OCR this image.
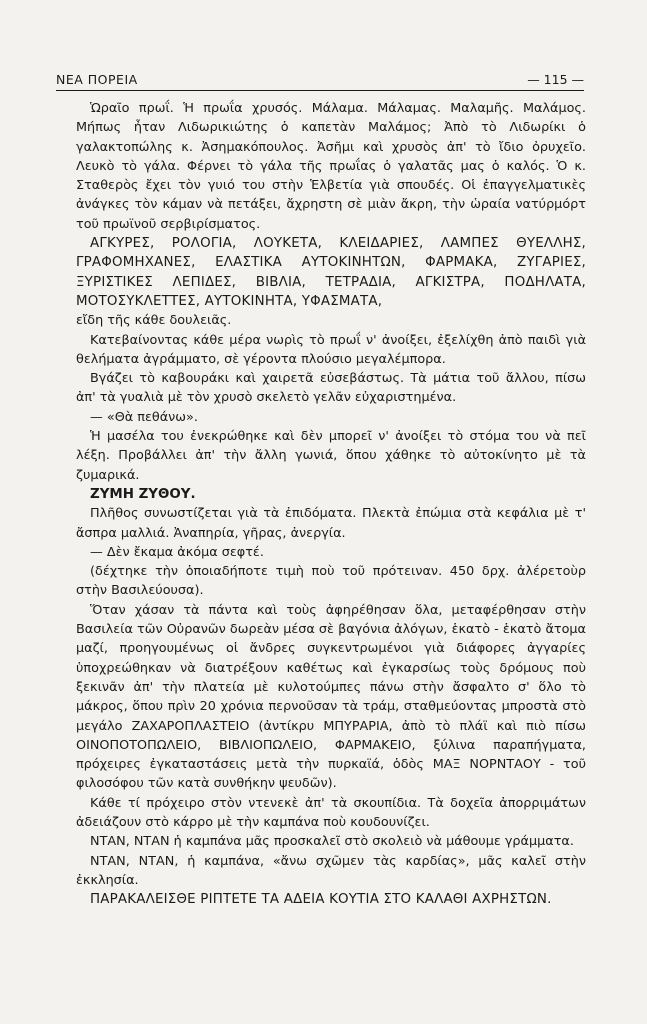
ΝΕΑ ΠΟΡΕΙΑ	— 115 —

Ὡραῖο πρωΐ. Ἡ πρωΐα χρυσός. Μάλαμα. Μάλαμας. Μαλαμῆς. Μαλάμος. Μήπως ἦταν Λιδωρικιώτης ὁ καπετὰν Μαλάμος; Ἀπὸ τὸ Λιδωρίκι ὁ γαλακτοπώλης κ. Ἀσημακόπουλος. Ἀσῆμι καὶ χρυσὸς ἀπ' τὸ ἴδιο ὀρυχεῖο. Λευκὸ τὸ γάλα. Φέρνει τὸ γάλα τῆς πρωΐας ὁ γαλατᾶς μας ὁ καλός. Ὁ κ. Σταθερὸς ἔχει τὸν γυιό του στὴν Ἑλβετία γιὰ σπουδές. Οἱ ἐπαγγελματικὲς ἀνάγκες τὸν κάμαν νὰ πετάξει, ἄχρηστη σὲ μιὰν ἄκρη, τὴν ὡραία νατύρμόρτ τοῦ πρωϊνοῦ σερβιρίσματος.

ΑΓΚΥΡΕΣ, ΡΟΛΟΓΙΑ, ΛΟΥΚΕΤΑ, ΚΛΕΙΔΑΡΙΕΣ, ΛΑΜΠΕΣ ΘΥΕΛΛΗΣ, ΓΡΑΦΟΜΗΧΑΝΕΣ, ΕΛΑΣΤΙΚΑ ΑΥΤΟΚΙΝΗΤΩΝ, ΦΑΡΜΑΚΑ, ΖΥΓΑΡΙΕΣ, ΞΥΡΙΣΤΙΚΕΣ ΛΕΠΙΔΕΣ, ΒΙΒΛΙΑ, ΤΕΤΡΑΔΙΑ, ΑΓΚΙΣΤΡΑ, ΠΟΔΗΛΑΤΑ, ΜΟΤΟΣΥΚΛΕΤΤΕΣ, ΑΥΤΟΚΙΝΗΤΑ, ΥΦΑΣΜΑΤΑ,

εἴδη τῆς κάθε δουλειᾶς.

Κατεβαίνοντας κάθε μέρα νωρὶς τὸ πρωΐ ν' ἀνοίξει, ἐξελίχθη ἀπὸ παιδὶ γιὰ θελήματα ἀγράμματο, σὲ γέροντα πλούσιο μεγαλέμπορα.

Βγάζει τὸ καβουράκι καὶ χαιρετᾶ εὐσεβάστως. Τὰ μάτια τοῦ ἄλλου, πίσω ἀπ' τὰ γυαλιὰ μὲ τὸν χρυσὸ σκελετὸ γελᾶν εὐχαριστημένα.

— «Θὰ πεθάνω».

Ἡ μασέλα του ἐνεκρώθηκε καὶ δὲν μπορεῖ ν' ἀνοίξει τὸ στόμα του νὰ πεῖ λέξη. Προβάλλει ἀπ' τὴν ἄλλη γωνιά, ὅπου χάθηκε τὸ αὐτοκίνητο μὲ τὰ ζυμαρικά.

ΖΥΜΗ ΖΥΘΟΥ.

Πλῆθος συνωστίζεται γιὰ τὰ ἐπιδόματα. Πλεκτὰ ἐπώμια στὰ κεφάλια μὲ τ' ἄσπρα μαλλιά. Ἀναπηρία, γῆρας, ἀνεργία.

— Δὲν ἔκαμα ἀκόμα σεφτέ.

(δέχτηκε τὴν ὁποιαδήποτε τιμὴ ποὺ τοῦ πρότειναν. 450 δρχ. ἀλέρετοὺρ στὴν Βασιλεύουσα).

Ὅταν χάσαν τὰ πάντα καὶ τοὺς ἀφηρέθησαν ὅλα, μεταφέρθησαν στὴν Βασιλεία τῶν Οὐρανῶν δωρεὰν μέσα σὲ βαγόνια ἀλόγων, ἑκατὸ - ἑκατὸ ἄτομα μαζί, προηγουμένως οἱ ἄνδρες συγκεντρωμένοι γιὰ διάφορες ἀγγαρίες ὑποχρεώθηκαν νὰ διατρέξουν καθέτως καὶ ἐγκαρσίως τοὺς δρόμους ποὺ ξεκινᾶν ἀπ' τὴν πλατεία μὲ κυλοτούμπες πάνω στὴν ἄσφαλτο σ' ὅλο τὸ μάκρος, ὅπου πρὶν 20 χρόνια περνοῦσαν τὰ τράμ, σταθμεύοντας μπροστὰ στὸ μεγάλο ΖΑΧΑΡΟΠΛΑΣΤΕΙΟ (ἀντίκρυ ΜΠΥΡΑΡΙΑ, ἀπὸ τὸ πλάϊ καὶ πιὸ πίσω ΟΙΝΟΠΟΤΟΠΩΛΕΙΟ, ΒΙΒΛΙΟΠΩΛΕΙΟ, ΦΑΡΜΑΚΕΙΟ, ξύλινα παραπήγματα, πρόχειρες ἐγκαταστάσεις μετὰ τὴν πυρκαϊά, ὁδὸς ΜΑΞ ΝΟΡΝΤΑΟΥ - τοῦ φιλοσόφου τῶν κατὰ συνθήκην ψευδῶν).

Κάθε τί πρόχειρο στὸν ντενεκὲ ἀπ' τὰ σκουπίδια. Τὰ δοχεῖα ἀπορριμάτων ἀδειάζουν στὸ κάρρο μὲ τὴν καμπάνα ποὺ κουδουνίζει.

ΝΤΑΝ, ΝΤΑΝ ἡ καμπάνα μᾶς προσκαλεῖ στὸ σκολειὸ νὰ μάθουμε γράμματα.

ΝΤΑΝ, ΝΤΑΝ, ἡ καμπάνα, «ἄνω σχῶμεν τὰς καρδίας», μᾶς καλεῖ στὴν ἐκκλησία.

ΠΑΡΑΚΑΛΕΙΣΘΕ ΡΙΠΤΕΤΕ ΤΑ ΑΔΕΙΑ ΚΟΥΤΙΑ ΣΤΟ ΚΑΛΑΘΙ ΑΧΡΗΣΤΩΝ.
